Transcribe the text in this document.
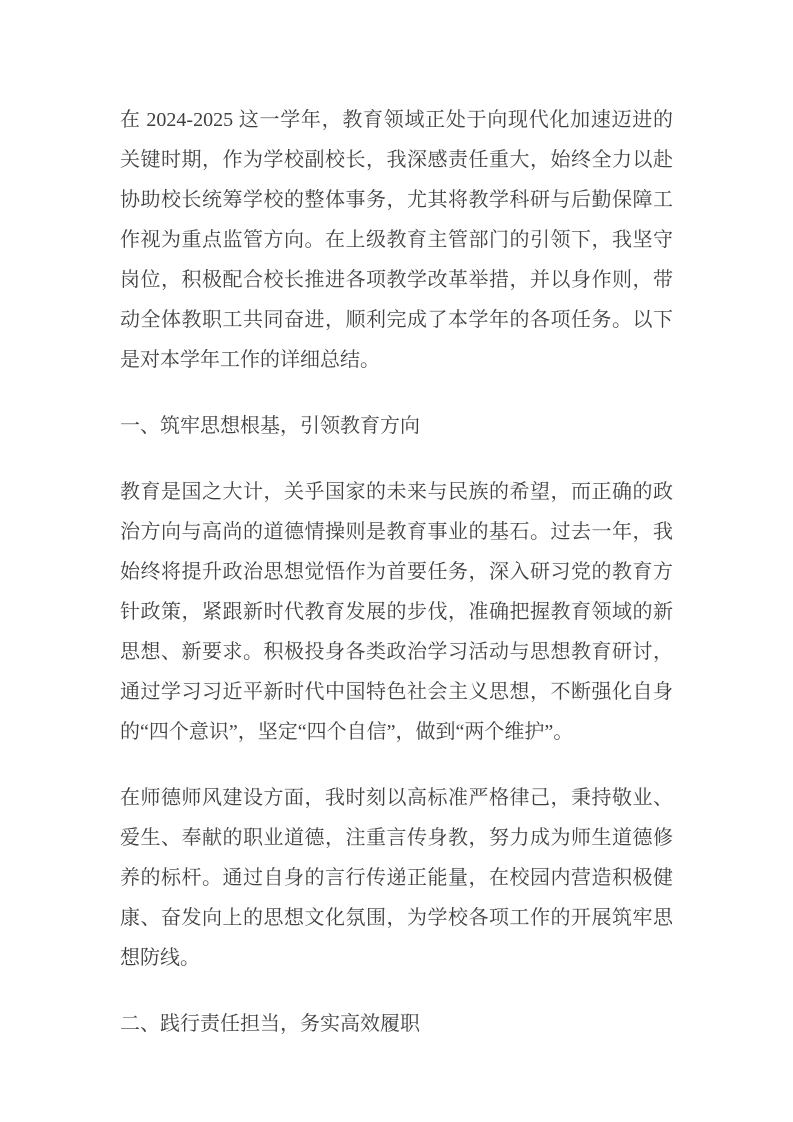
在 2024-2025 这一学年，教育领域正处于向现代化加速迈进的关键时期，作为学校副校长，我深感责任重大，始终全力以赴协助校长统筹学校的整体事务，尤其将教学科研与后勤保障工作视为重点监管方向。在上级教育主管部门的引领下，我坚守岗位，积极配合校长推进各项教学改革举措，并以身作则，带动全体教职工共同奋进，顺利完成了本学年的各项任务。以下是对本学年工作的详细总结。

一、筑牢思想根基，引领教育方向

教育是国之大计，关乎国家的未来与民族的希望，而正确的政治方向与高尚的道德情操则是教育事业的基石。过去一年，我始终将提升政治思想觉悟作为首要任务，深入研习党的教育方针政策，紧跟新时代教育发展的步伐，准确把握教育领域的新思想、新要求。积极投身各类政治学习活动与思想教育研讨，通过学习习近平新时代中国特色社会主义思想，不断强化自身的“四个意识”，坚定“四个自信”，做到“两个维护”。

在师德师风建设方面，我时刻以高标准严格律己，秉持敬业、爱生、奉献的职业道德，注重言传身教，努力成为师生道德修养的标杆。通过自身的言行传递正能量，在校园内营造积极健康、奋发向上的思想文化氛围，为学校各项工作的开展筑牢思想防线。

二、践行责任担当，务实高效履职
